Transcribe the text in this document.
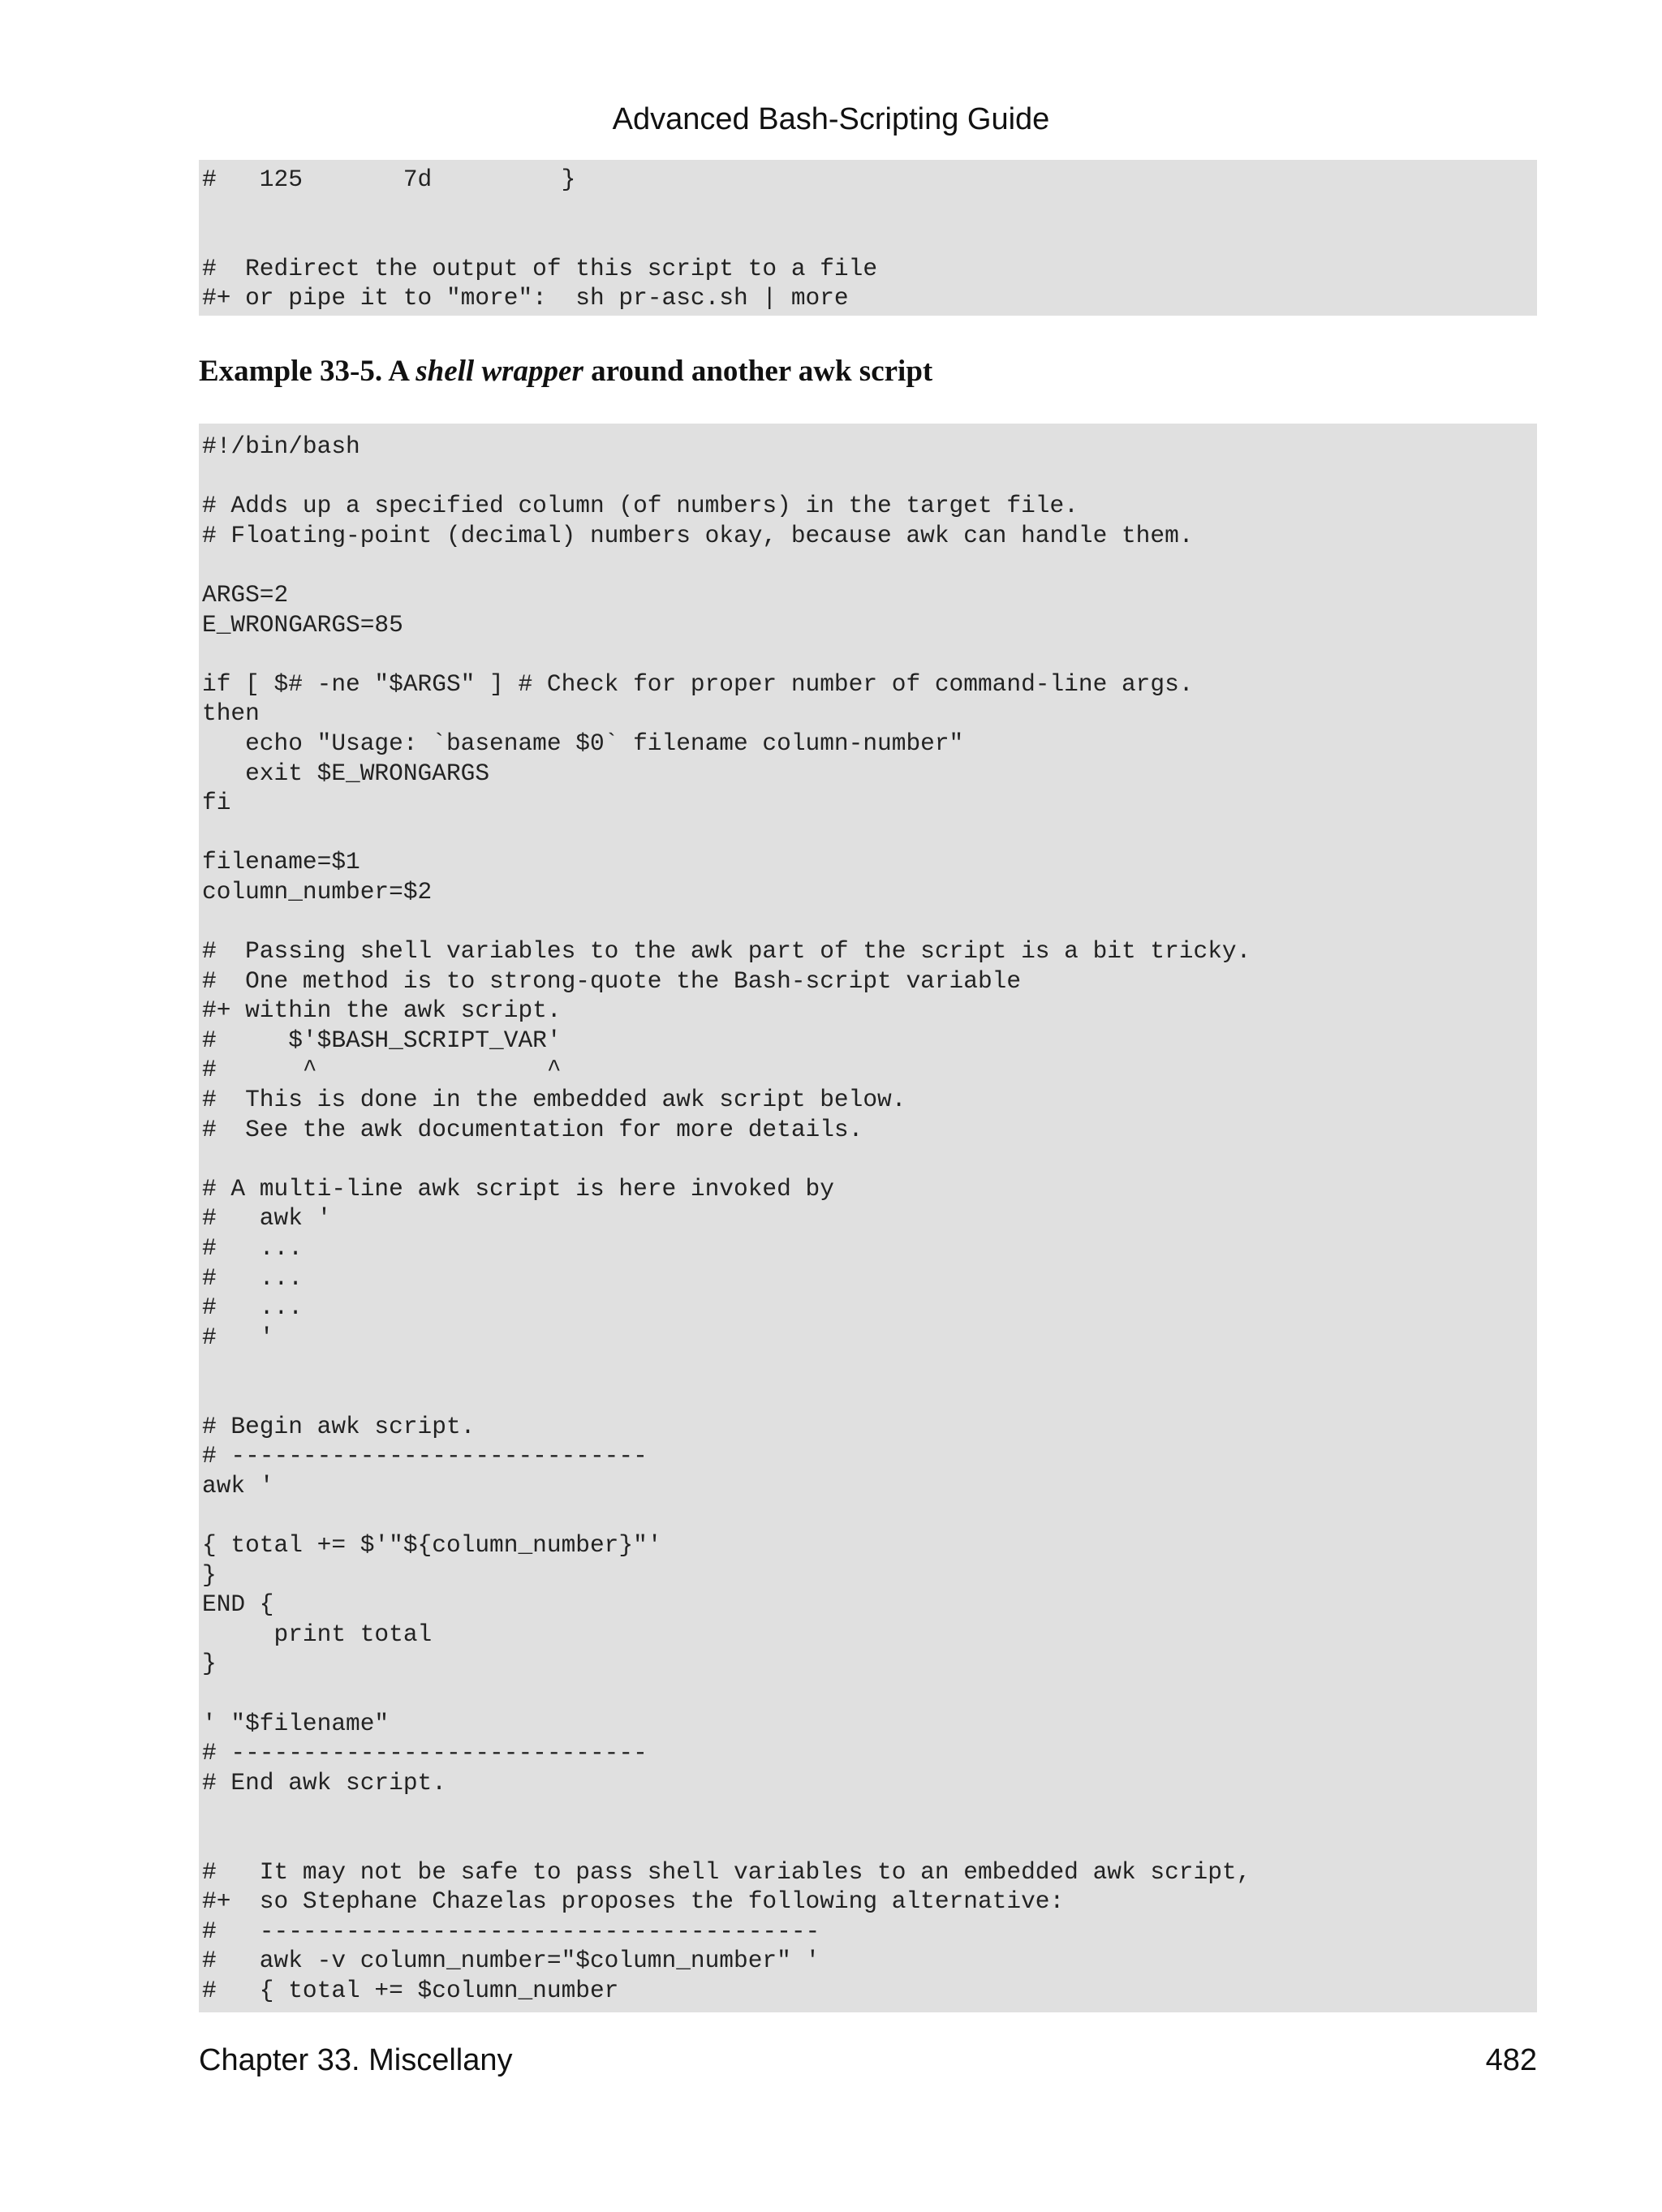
Advanced Bash-Scripting Guide
#   125       7d         }
#  Redirect the output of this script to a file
#+ or pipe it to "more":  sh pr-asc.sh | more
Example 33-5. A shell wrapper around another awk script
#!/bin/bash
# Adds up a specified column (of numbers) in the target file.
# Floating-point (decimal) numbers okay, because awk can handle them.
ARGS=2
E_WRONGARGS=85
if [ $# -ne "$ARGS" ] # Check for proper number of command-line args.
then
echo "Usage: `basename $0` filename column-number"
exit $E_WRONGARGS
fi
filename=$1
column_number=$2
#  Passing shell variables to the awk part of the script is a bit tricky.
#  One method is to strong-quote the Bash-script variable
#+ within the awk script.
#     $'$BASH_SCRIPT_VAR'
#      ^                ^
#  This is done in the embedded awk script below.
#  See the awk documentation for more details.
# A multi-line awk script is here invoked by
#   awk '
#   ...
#   ...
#   ...
#   '
# Begin awk script.
# -----------------------------
awk '
{ total += $'"${column_number}"'
}
END {
print total
}
' "$filename"
# -----------------------------
# End awk script.
#   It may not be safe to pass shell variables to an embedded awk script,
#+  so Stephane Chazelas proposes the following alternative:
#   ---------------------------------------
#   awk -v column_number="$column_number" '
#   { total += $column_number
Chapter 33. Miscellany	482
